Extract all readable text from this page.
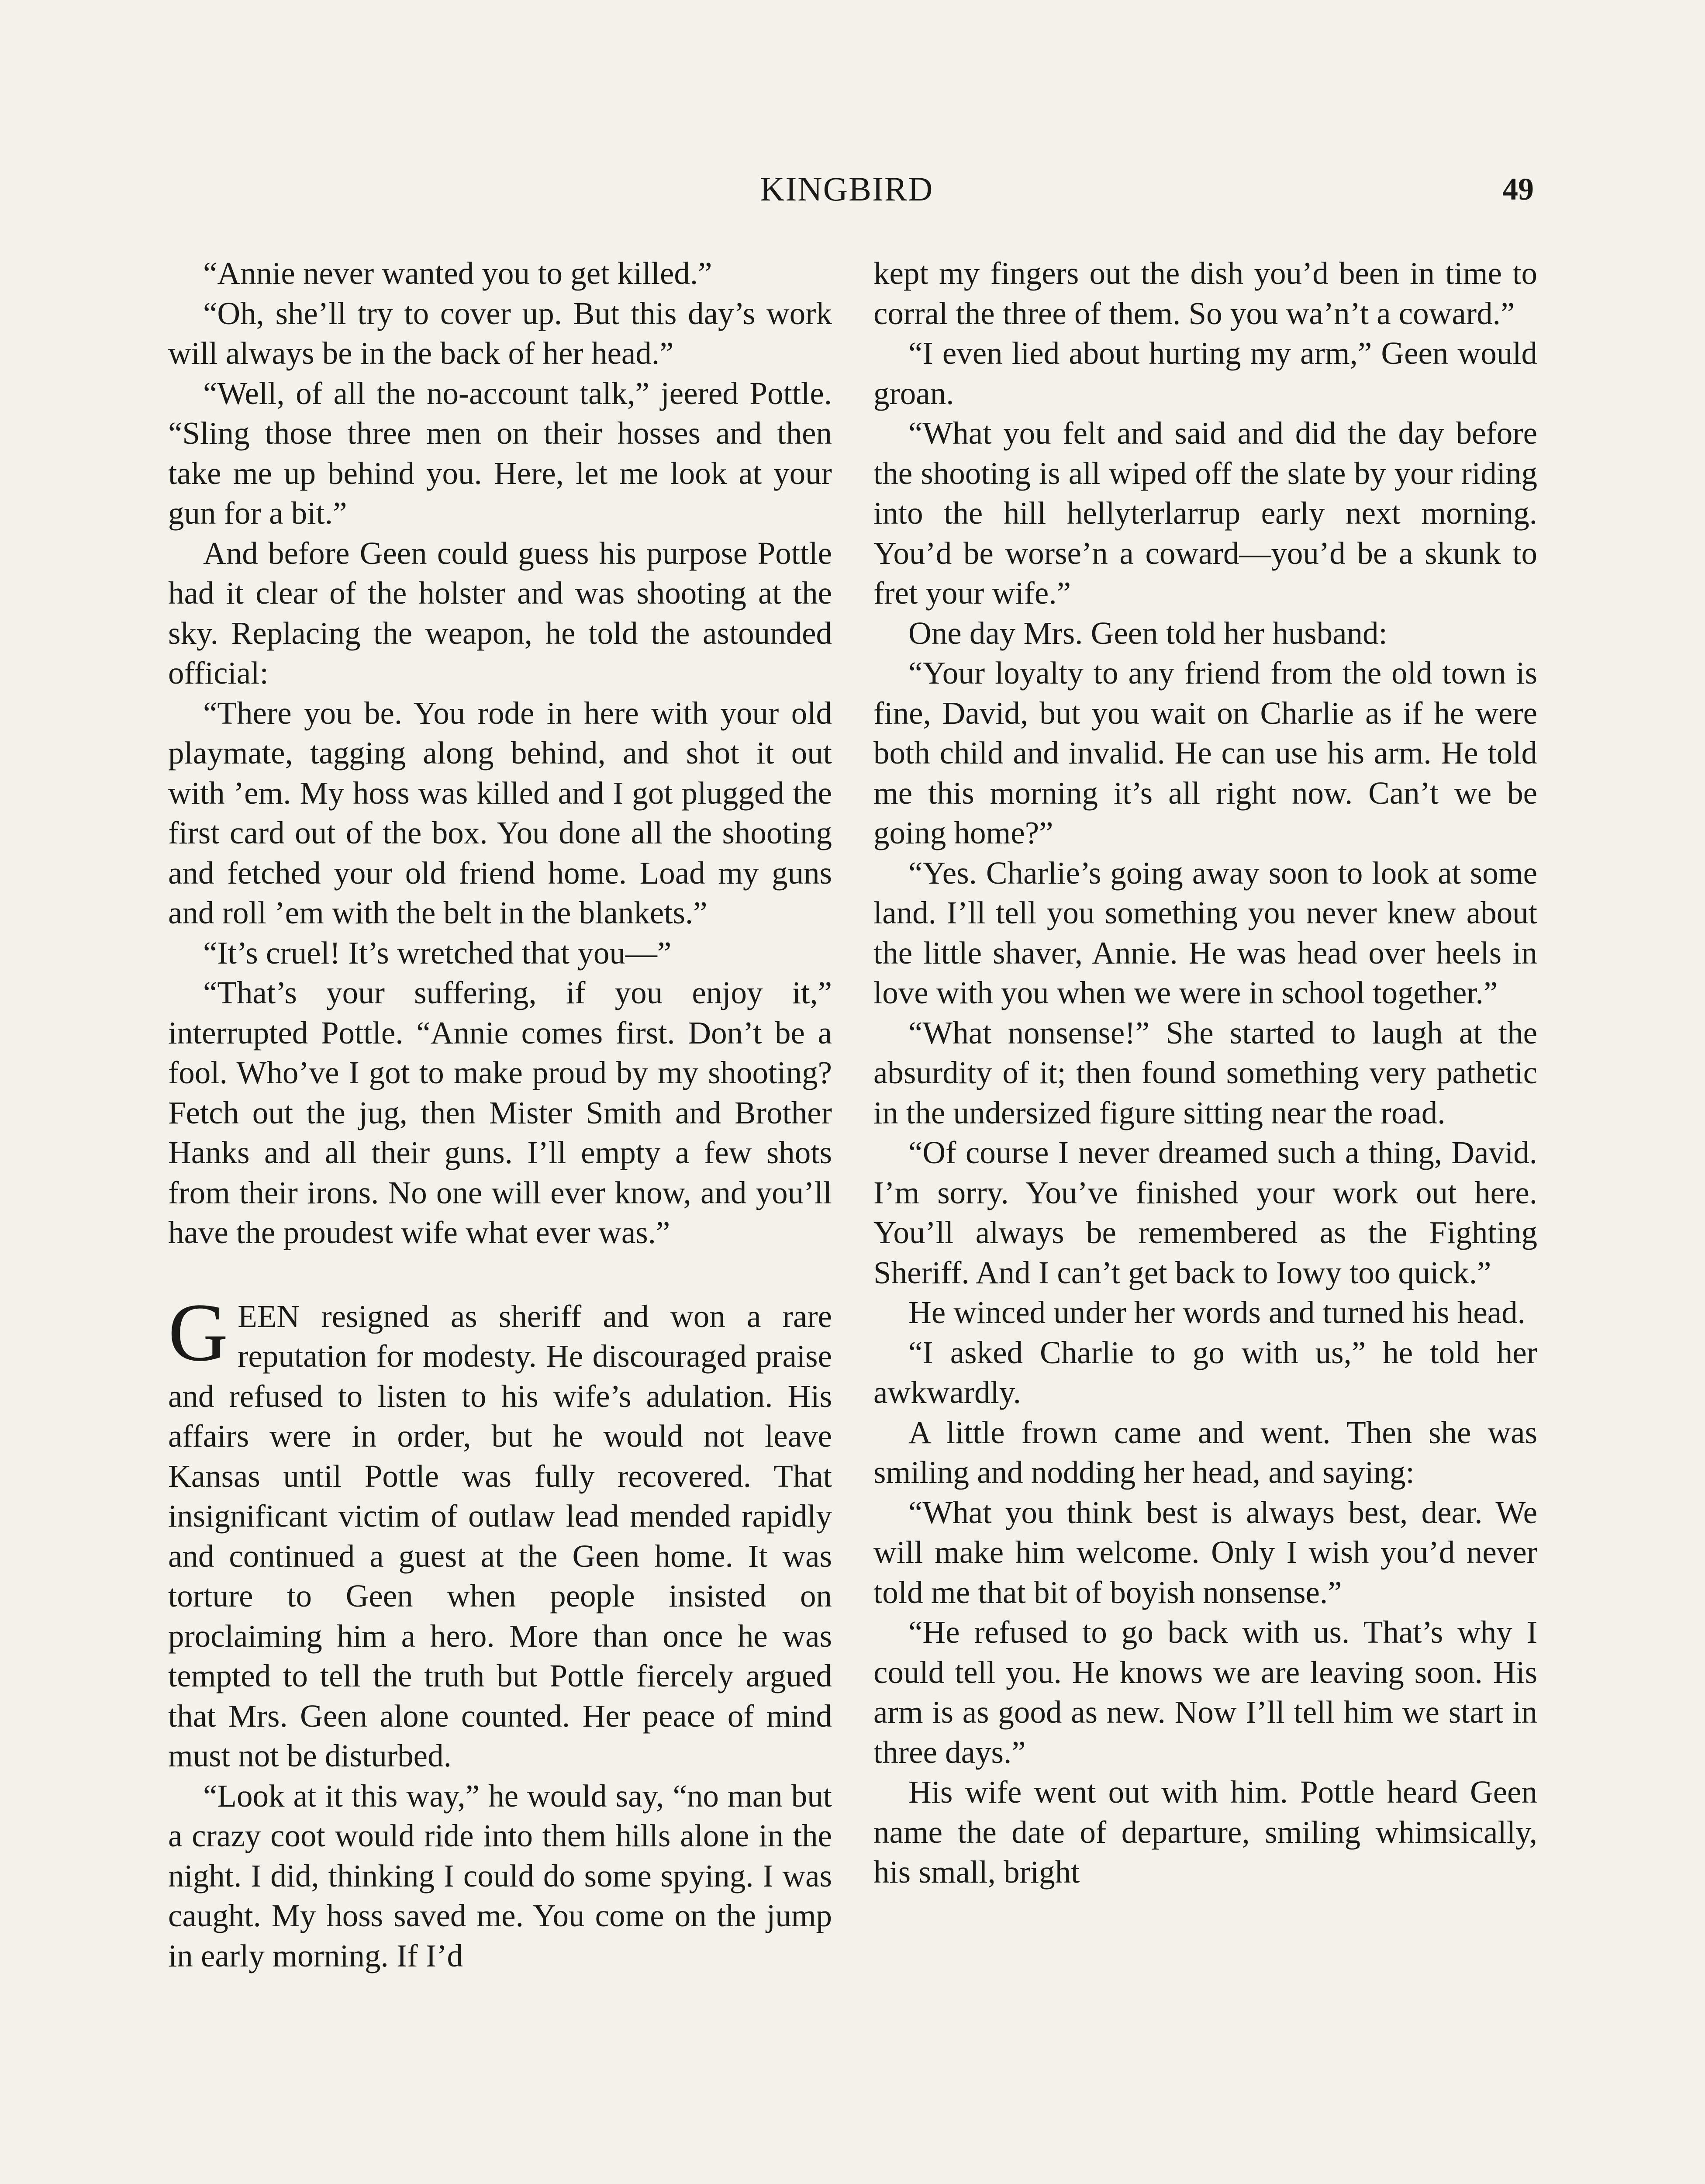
KINGBIRD	49

“Annie never wanted you to get killed.”

“Oh, she’ll try to cover up. But this day’s work will always be in the back of her head.”

“Well, of all the no-account talk,” jeered Pottle. “Sling those three men on their hosses and then take me up behind you. Here, let me look at your gun for a bit.”

And before Geen could guess his purpose Pottle had it clear of the holster and was shooting at the sky. Replacing the weapon, he told the astounded official:

“There you be. You rode in here with your old playmate, tagging along behind, and shot it out with ’em. My hoss was killed and I got plugged the first card out of the box. You done all the shooting and fetched your old friend home. Load my guns and roll ’em with the belt in the blankets.”

“It’s cruel! It’s wretched that you—”

“That’s your suffering, if you enjoy it,” interrupted Pottle. “Annie comes first. Don’t be a fool. Who’ve I got to make proud by my shooting? Fetch out the jug, then Mister Smith and Brother Hanks and all their guns. I’ll empty a few shots from their irons. No one will ever know, and you’ll have the proudest wife what ever was.”

GEEN resigned as sheriff and won a rare reputation for modesty. He discouraged praise and refused to listen to his wife’s adulation. His affairs were in order, but he would not leave Kansas until Pottle was fully recovered. That insignificant victim of outlaw lead mended rapidly and continued a guest at the Geen home. It was torture to Geen when people insisted on proclaiming him a hero. More than once he was tempted to tell the truth but Pottle fiercely argued that Mrs. Geen alone counted. Her peace of mind must not be disturbed.

“Look at it this way,” he would say, “no man but a crazy coot would ride into them hills alone in the night. I did, thinking I could do some spying. I was caught. My hoss saved me. You come on the jump in early morning. If I’d

kept my fingers out the dish you’d been in time to corral the three of them. So you wa’n’t a coward.”

“I even lied about hurting my arm,” Geen would groan.

“What you felt and said and did the day before the shooting is all wiped off the slate by your riding into the hill hellyterlarrup early next morning. You’d be worse’n a coward—you’d be a skunk to fret your wife.”

One day Mrs. Geen told her husband:

“Your loyalty to any friend from the old town is fine, David, but you wait on Charlie as if he were both child and invalid. He can use his arm. He told me this morning it’s all right now. Can’t we be going home?”

“Yes. Charlie’s going away soon to look at some land. I’ll tell you something you never knew about the little shaver, Annie. He was head over heels in love with you when we were in school together.”

“What nonsense!” She started to laugh at the absurdity of it; then found something very pathetic in the undersized figure sitting near the road.

“Of course I never dreamed such a thing, David. I’m sorry. You’ve finished your work out here. You’ll always be remembered as the Fighting Sheriff. And I can’t get back to Iowy too quick.”

He winced under her words and turned his head.

“I asked Charlie to go with us,” he told her awkwardly.

A little frown came and went. Then she was smiling and nodding her head, and saying:

“What you think best is always best, dear. We will make him welcome. Only I wish you’d never told me that bit of boyish nonsense.”

“He refused to go back with us. That’s why I could tell you. He knows we are leaving soon. His arm is as good as new. Now I’ll tell him we start in three days.”

His wife went out with him. Pottle heard Geen name the date of departure, smiling whimsically, his small, bright
